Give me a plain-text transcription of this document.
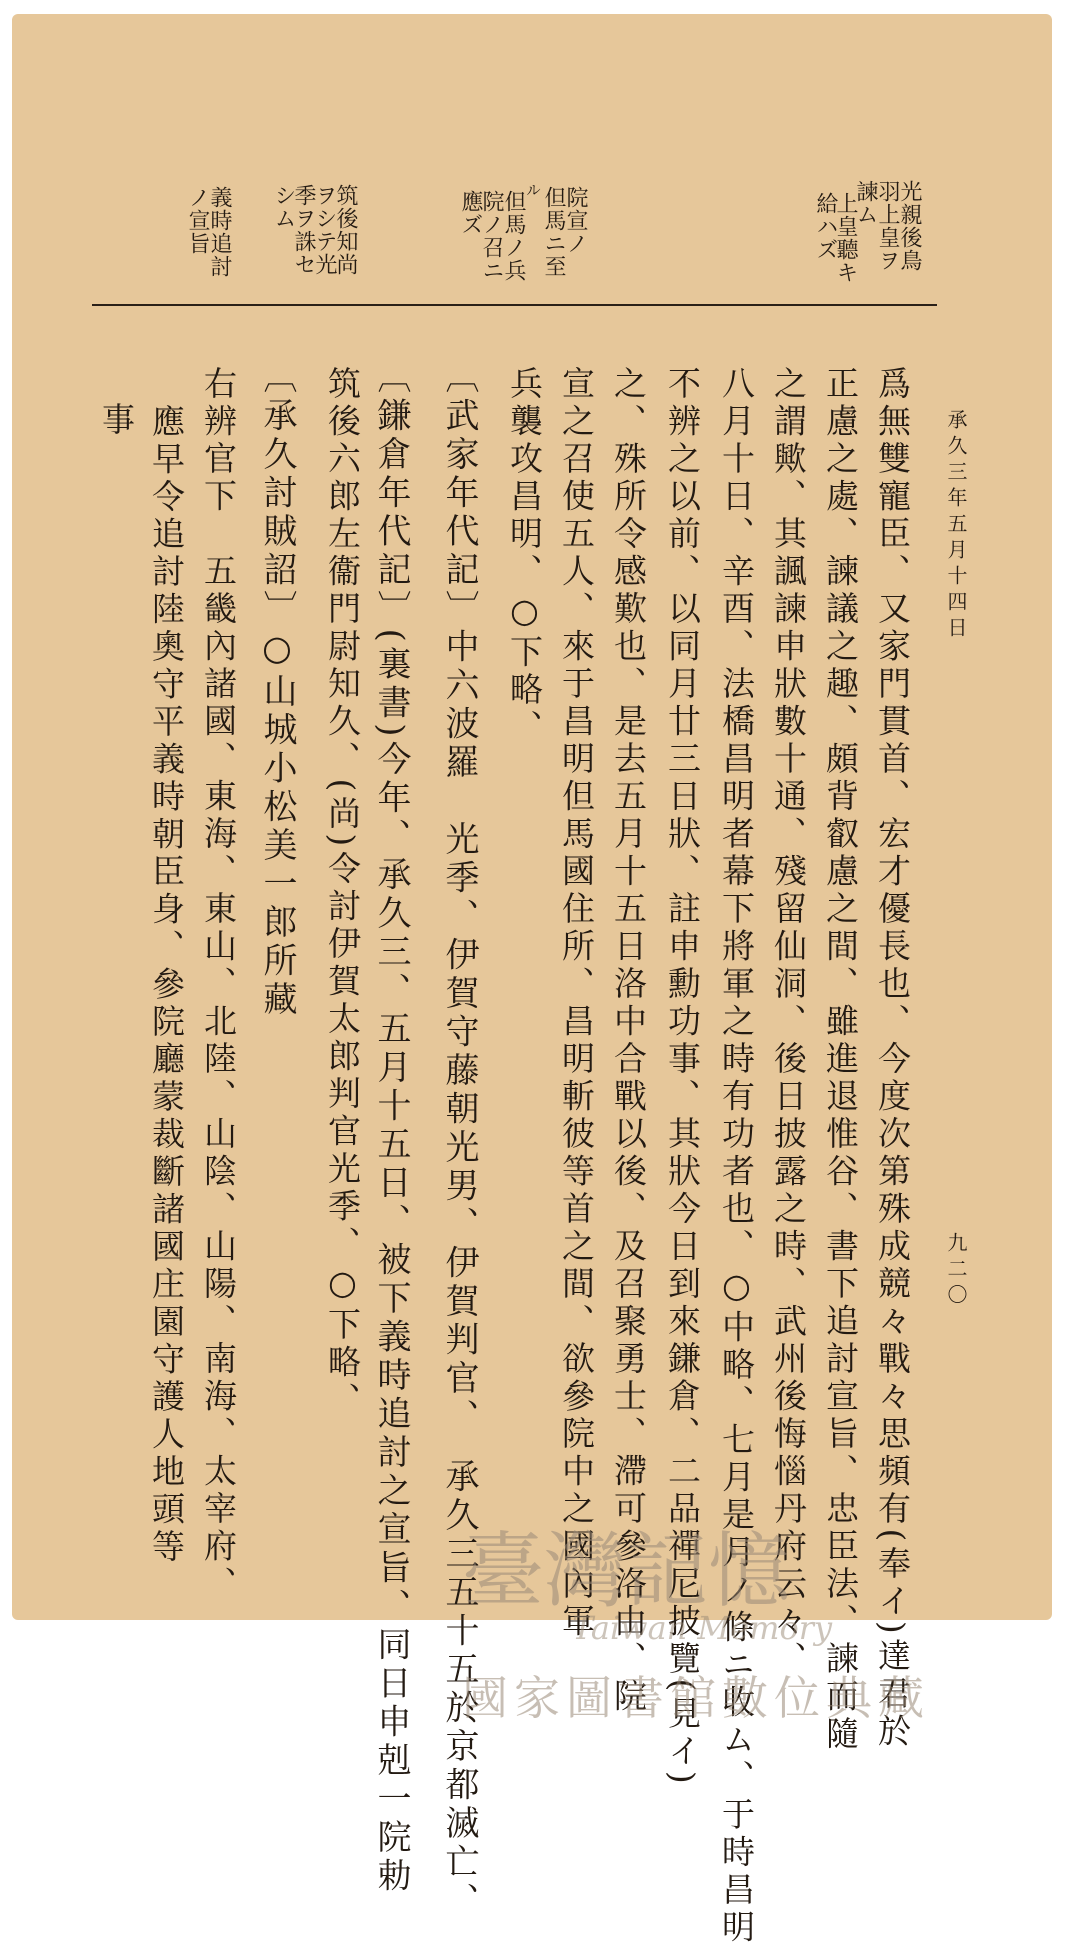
承久三年五月十四日
九二〇
光親後鳥
羽上皇ヲ
諫ム
上皇聽キ
給ハズ
院宣ノ
但馬ニ至
ル
但馬ノ兵
院ノ召ニ
應ズ
筑後知尚
ヲシテ光
季ヲ誅セ
シム
義時追討
ノ宣旨
爲無雙寵臣、又家門貫首、宏才優長也、今度次第殊成競々戰々思頻有(奉イ)達君於
正慮之處、諫議之趣、頗背叡慮之間、雖進退惟谷、書下追討宣旨、忠臣法、諫而隨
之謂歟、其諷諫申狀數十通、殘留仙洞、後日披露之時、武州後悔惱丹府云々、
八月十日、辛酉、法橋昌明者幕下將軍之時有功者也、○中略、七月是月ノ條ニ收ム、于時昌明
不辨之以前、以同月廿三日狀、註申勳功事、其狀今日到來鎌倉、二品禪尼披覽(見イ)
之、殊所令感歎也、是去五月十五日洛中合戰以後、及召聚勇士、滯可參洛由、院
宣之召使五人、來于昌明但馬國住所、昌明斬彼等首之間、欲參院中之國內軍
兵襲攻昌明、○下略、
〔武家年代記〕中六波羅　光季、伊賀守藤朝光男、伊賀判官、　承久三五十五於京都滅亡、
〔鎌倉年代記〕(裏書)今年、承久三、五月十五日、被下義時追討之宣旨、同日申剋一院勅
筑後六郎左衞門尉知久、(尚)令討伊賀太郎判官光季、○下略、
〔承久討賊詔〕○山城小松美一郎所藏
右辨官下　五畿內諸國、東海、東山、北陸、山陰、山陽、南海、太宰府、
應早令追討陸奧守平義時朝臣身、參院廳蒙裁斷諸國庄園守護人地頭等
事
臺灣記憶
Taiwan Memory
國家圖書館數位典藏
